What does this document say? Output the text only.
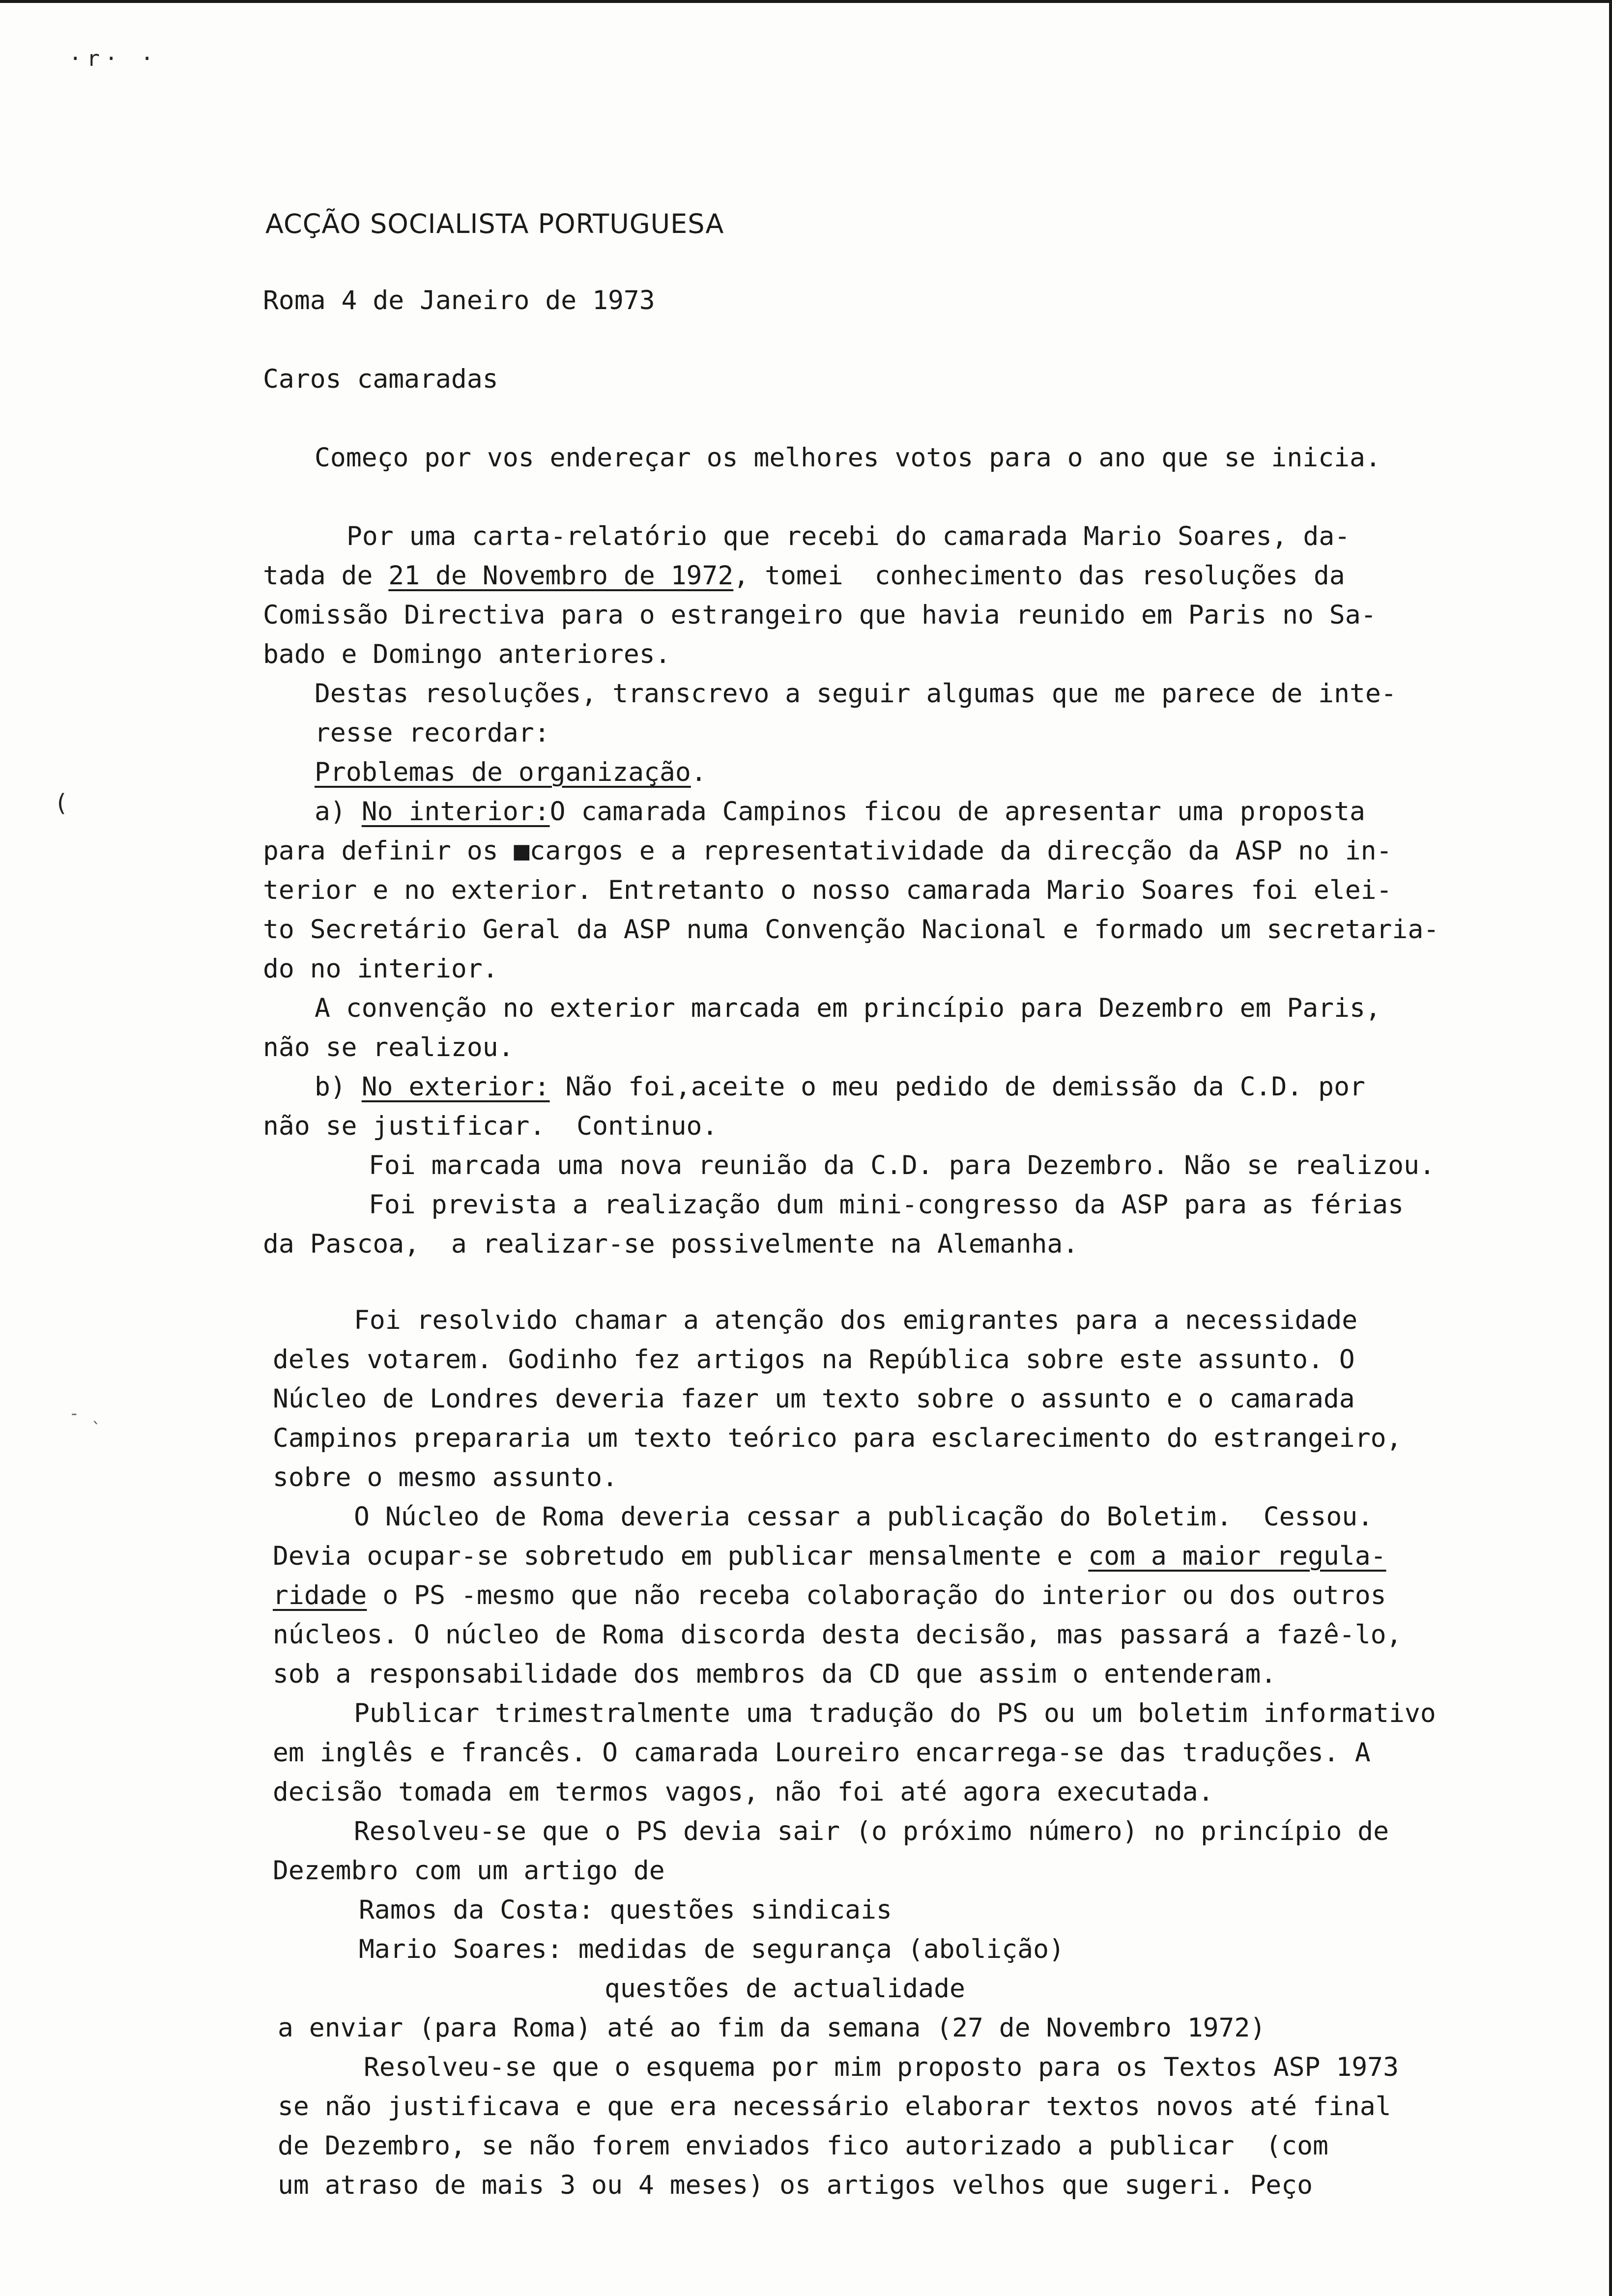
·r· ·
(
‐ ˎ

ACÇÃO SOCIALISTA PORTUGUESA

Roma 4 de Janeiro de 1973

Caros camaradas

Começo por vos endereçar os melhores votos para o ano que se inicia.

Por uma carta-relatório que recebi do camarada Mario Soares, da-

tada de 21 de Novembro de 1972, tomei  conhecimento das resoluções da

Comissão Directiva para o estrangeiro que havia reunido em Paris no Sa-

bado e Domingo anteriores.

Destas resoluções, transcrevo a seguir algumas que me parece de inte-

resse recordar:

Problemas de organização.

a) No interior:O camarada Campinos ficou de apresentar uma proposta

para definir os ■cargos e a representatividade da direcção da ASP no in-

terior e no exterior. Entretanto o nosso camarada Mario Soares foi elei-

to Secretário Geral da ASP numa Convenção Nacional e formado um secretaria-

do no interior.

A convenção no exterior marcada em princípio para Dezembro em Paris,

não se realizou.

b) No exterior: Não foi,aceite o meu pedido de demissão da C.D. por

não se justificar.  Continuo.

Foi marcada uma nova reunião da C.D. para Dezembro. Não se realizou.

Foi prevista a realização dum mini-congresso da ASP para as férias

da Pascoa,  a realizar-se possivelmente na Alemanha.

Foi resolvido chamar a atenção dos emigrantes para a necessidade

deles votarem. Godinho fez artigos na República sobre este assunto. O

Núcleo de Londres deveria fazer um texto sobre o assunto e o camarada

Campinos prepararia um texto teórico para esclarecimento do estrangeiro,

sobre o mesmo assunto.

O Núcleo de Roma deveria cessar a publicação do Boletim.  Cessou.

Devia ocupar-se sobretudo em publicar mensalmente e com a maior regula-

ridade o PS -mesmo que não receba colaboração do interior ou dos outros

núcleos. O núcleo de Roma discorda desta decisão, mas passará a fazê-lo,

sob a responsabilidade dos membros da CD que assim o entenderam.

Publicar trimestralmente uma tradução do PS ou um boletim informativo

em inglês e francês. O camarada Loureiro encarrega-se das traduções. A

decisão tomada em termos vagos, não foi até agora executada.

Resolveu-se que o PS devia sair (o próximo número) no princípio de

Dezembro com um artigo de

Ramos da Costa: questões sindicais

Mario Soares: medidas de segurança (abolição)

questões de actualidade

a enviar (para Roma) até ao fim da semana (27 de Novembro 1972)

Resolveu-se que o esquema por mim proposto para os Textos ASP 1973

se não justificava e que era necessário elaborar textos novos até final

de Dezembro, se não forem enviados fico autorizado a publicar  (com

um atraso de mais 3 ou 4 meses) os artigos velhos que sugeri. Peço
